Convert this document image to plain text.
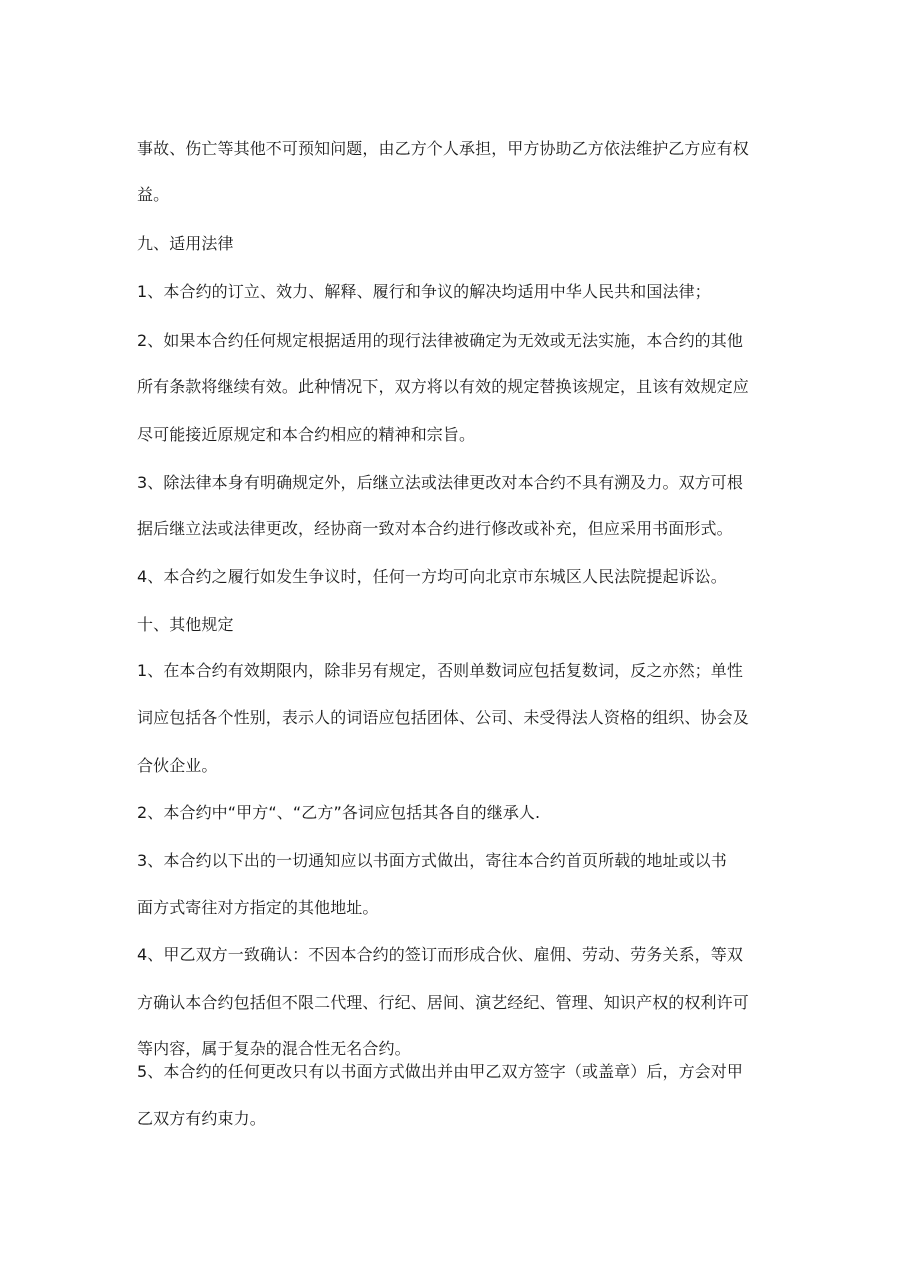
事故、伤亡等其他不可预知问题，由乙方个人承担，甲方协助乙方依法维护乙方应有权

益。

九、适用法律

1、本合约的订立、效力、解释、履行和争议的解决均适用中华人民共和国法律；

2、如果本合约任何规定根据适用的现行法律被确定为无效或无法实施，本合约的其他

所有条款将继续有效。此种情况下，双方将以有效的规定替换该规定，且该有效规定应

尽可能接近原规定和本合约相应的精神和宗旨。

3、除法律本身有明确规定外，后继立法或法律更改对本合约不具有溯及力。双方可根

据后继立法或法律更改，经协商一致对本合约进行修改或补充，但应采用书面形式。

4、本合约之履行如发生争议时，任何一方均可向北京市东城区人民法院提起诉讼。

十、其他规定

1、在本合约有效期限内，除非另有规定，否则单数词应包括复数词，反之亦然；单性

词应包括各个性别，表示人的词语应包括团体、公司、未受得法人资格的组织、协会及

合伙企业。

2、本合约中“甲方“、“乙方”各词应包括其各自的继承人.

3、本合约以下出的一切通知应以书面方式做出，寄往本合约首页所载的地址或以书

面方式寄往对方指定的其他地址。

4、甲乙双方一致确认：不因本合约的签订而形成合伙、雇佣、劳动、劳务关系，等双

方确认本合约包括但不限二代理、行纪、居间、演艺经纪、管理、知识产权的权利许可

等内容，属于复杂的混合性无名合约。

5、本合约的任何更改只有以书面方式做出并由甲乙双方签字（或盖章）后，方会对甲

乙双方有约束力。
